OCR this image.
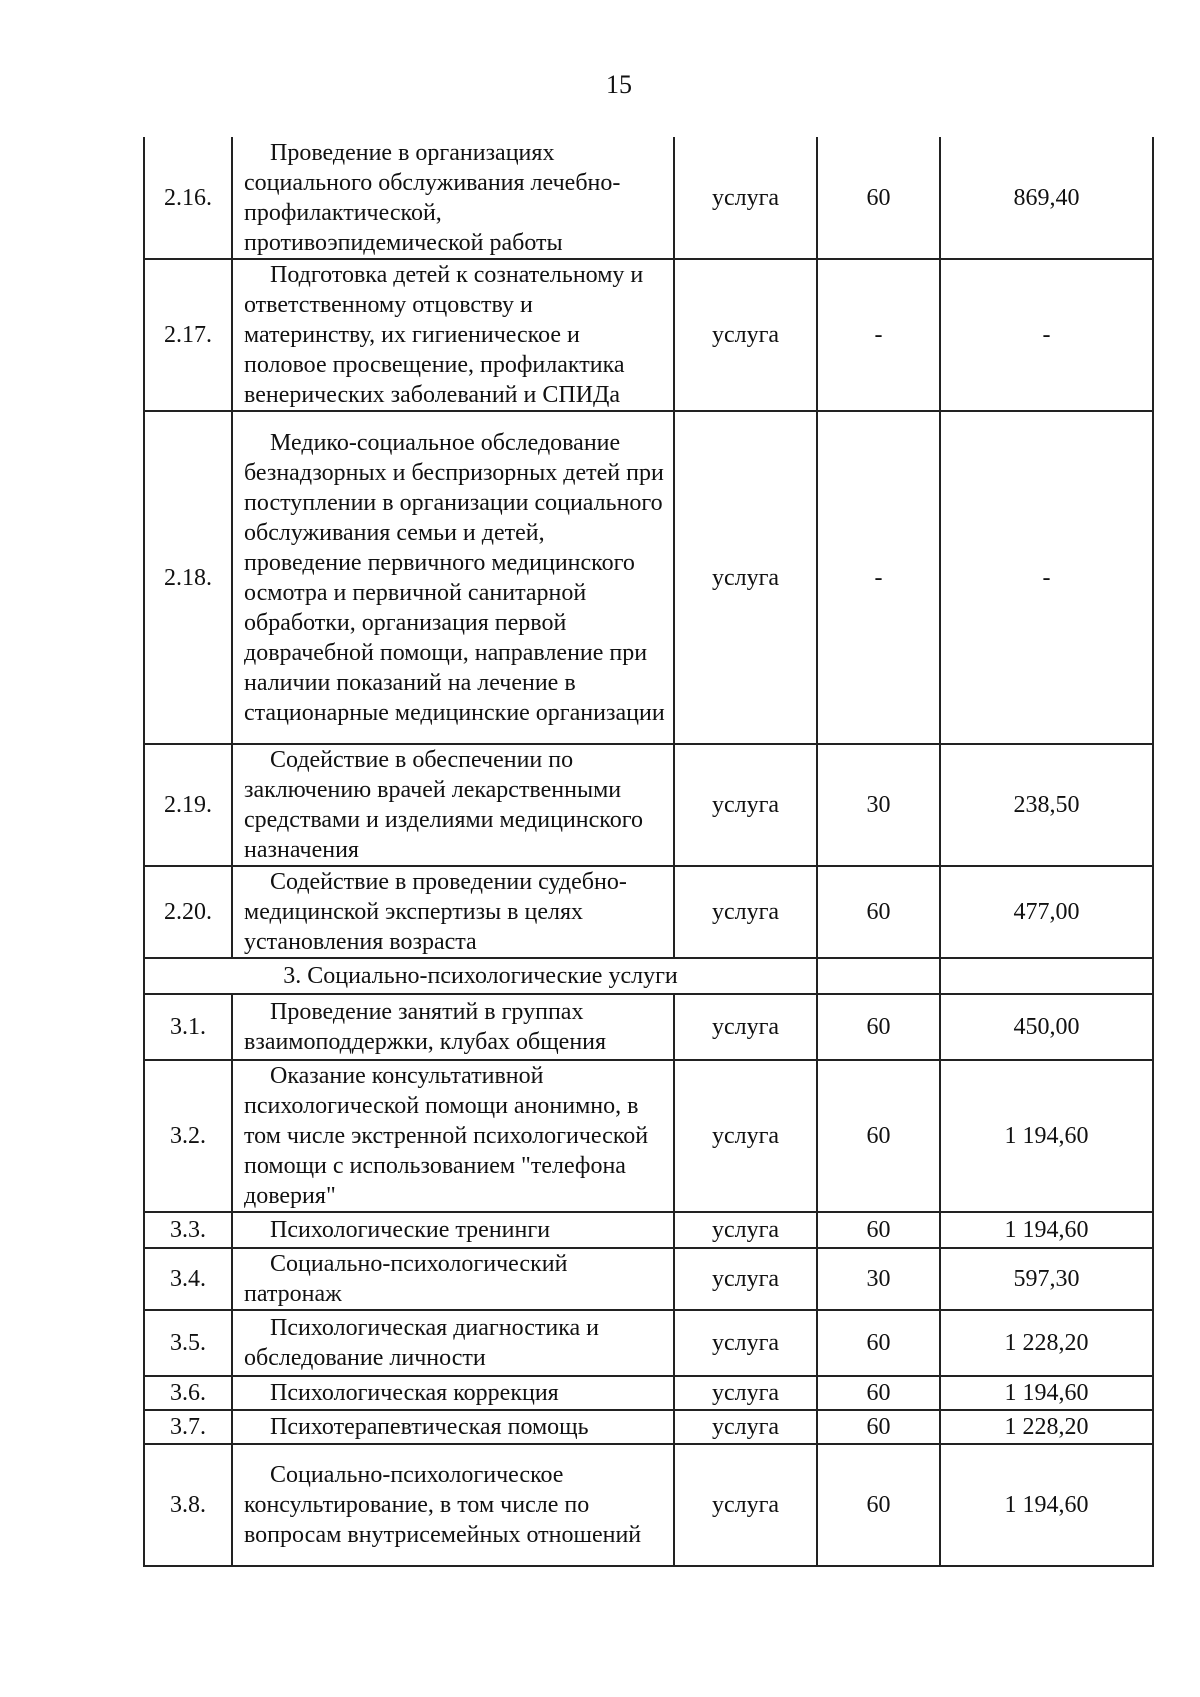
15
2.16.	Проведение в организациях социального обслуживания лечебно-профилактической, противоэпидемической работы	услуга	60	869,40
2.17.	Подготовка детей к сознательному и ответственному отцовству и материнству, их гигиеническое и половое просвещение, профилактика венерических заболеваний и СПИДа	услуга	-	-
2.18.	Медико-социальное обследование безнадзорных и беспризорных детей при поступлении в организации социального обслуживания семьи и детей, проведение первичного медицинского осмотра и первичной санитарной обработки, организация первой доврачебной помощи, направление при наличии показаний на лечение в стационарные медицинские организации	услуга	-	-
2.19.	Содействие в обеспечении по заключению врачей лекарственными средствами и изделиями медицинского назначения	услуга	30	238,50
2.20.	Содействие в проведении судебно-медицинской экспертизы в целях установления возраста	услуга	60	477,00
3. Социально-психологические услуги				
3.1.	Проведение занятий в группах взаимоподдержки, клубах общения	услуга	60	450,00
3.2.	Оказание консультативной психологической помощи анонимно, в том числе экстренной психологической помощи с использованием "телефона доверия"	услуга	60	1 194,60
3.3.	Психологические тренинги	услуга	60	1 194,60
3.4.	Социально-психологический патронаж	услуга	30	597,30
3.5.	Психологическая диагностика и обследование личности	услуга	60	1 228,20
3.6.	Психологическая коррекция	услуга	60	1 194,60
3.7.	Психотерапевтическая помощь	услуга	60	1 228,20
3.8.	Социально-психологическое консультирование, в том числе по вопросам внутрисемейных отношений	услуга	60	1 194,60
